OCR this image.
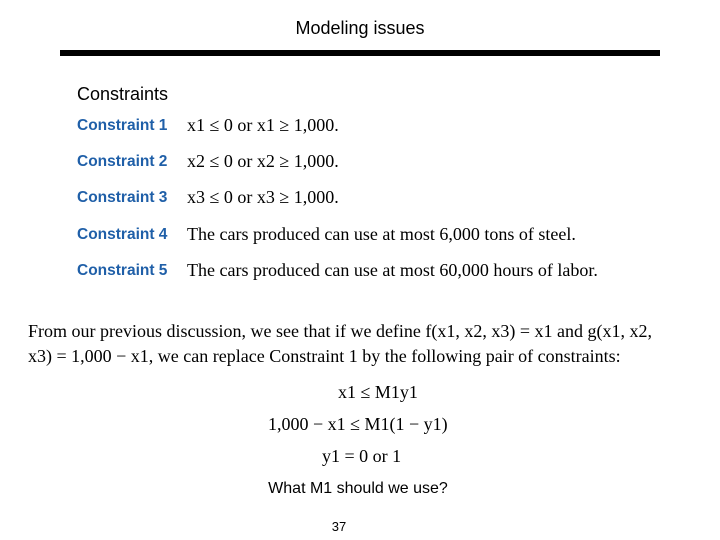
Modeling issues
Constraints
Constraint 1	x1 ≤ 0 or x1 ≥ 1,000.
Constraint 2	x2 ≤ 0 or x2 ≥ 1,000.
Constraint 3	x3 ≤ 0 or x3 ≥ 1,000.
Constraint 4	The cars produced can use at most 6,000 tons of steel.
Constraint 5	The cars produced can use at most 60,000 hours of labor.
From our previous discussion, we see that if we define f(x1, x2, x3) = x1 and g(x1, x2,
x3) = 1,000 − x1, we can replace Constraint 1 by the following pair of constraints:
x1 ≤ M1y1
1,000 − x1 ≤ M1(1 − y1)
y1 = 0 or 1
What M1 should we use?
37
